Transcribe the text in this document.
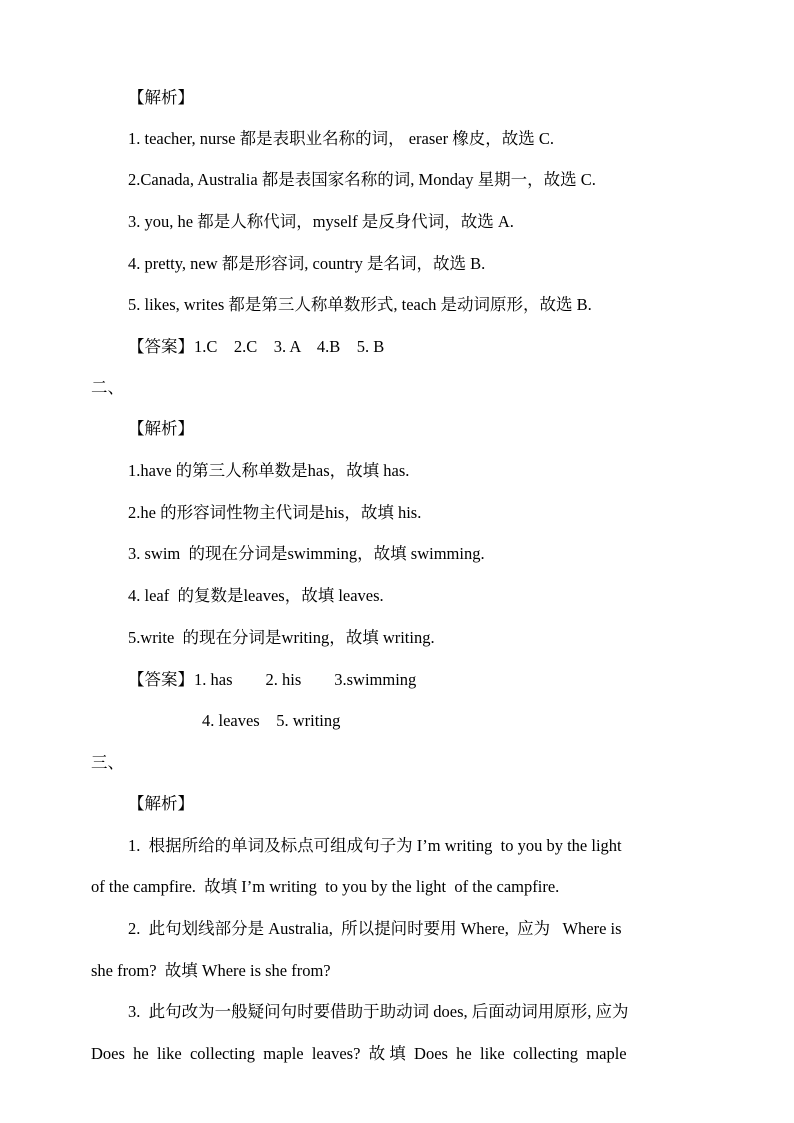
【解析】

1. teacher, nurse 都是表职业名称的词， eraser 橡皮，故选 C.

2.Canada, Australia 都是表国家名称的词, Monday 星期一，故选 C.

3. you, he 都是人称代词，myself 是反身代词，故选 A.

4. pretty, new 都是形容词, country 是名词，故选 B.

5. likes, writes 都是第三人称单数形式, teach 是动词原形，故选 B.

【答案】1.C    2.C    3. A    4.B    5. B

二、

【解析】

1.have 的第三人称单数是has，故填 has.

2.he 的形容词性物主代词是his，故填 his.

3. swim  的现在分词是swimming，故填 swimming.

4. leaf  的复数是leaves，故填 leaves.

5.write  的现在分词是writing，故填 writing.

【答案】1. has        2. his        3.swimming

4. leaves    5. writing

三、

【解析】

1.  根据所给的单词及标点可组成句子为 I’m writing  to you by the light

of the campfire.  故填 I’m writing  to you by the light  of the campfire.

2.  此句划线部分是 Australia,  所以提问时要用 Where,  应为   Where is

she from?  故填 Where is she from?

3.  此句改为一般疑问句时要借助于助动词 does, 后面动词用原形, 应为

Does  he  like  collecting  maple  leaves?  故 填  Does  he  like  collecting  maple
